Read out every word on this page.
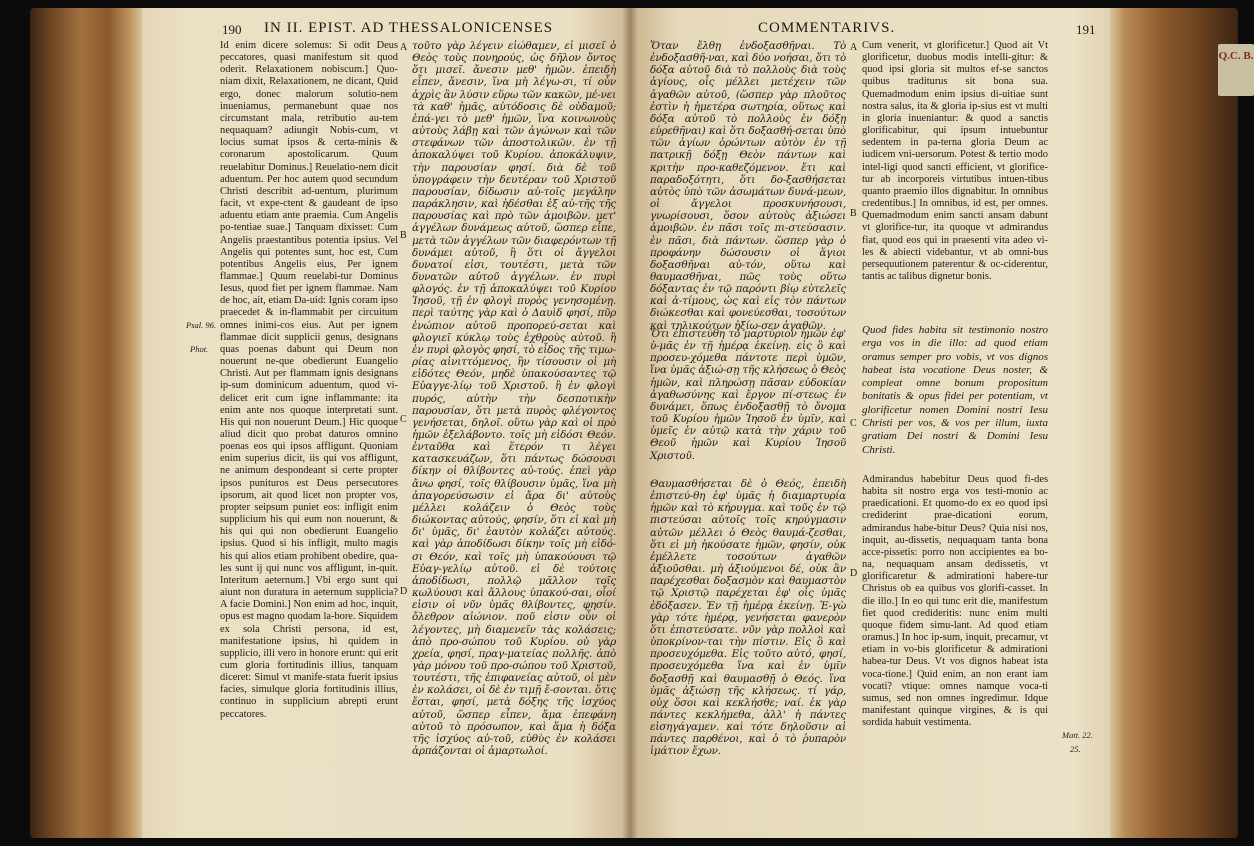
Q.C. B.
190 IN II. EPIST. AD THESSALONICENSES

Id enim dicere solemus: Si odit Deus peccatores, quasi manifestum sit quod oderit. Relaxationem nobiscum.] Quo-niam dixit, Relaxationem, ne dicant, Quid ergo, donec malorum solutio-nem inueniamus, permanebunt quae nos circumstant mala, retributio au-tem nequaquam? adiungit Nobis-cum, vt locius sumat ipsos & certa-minis & coronarum apostolicarum. Quum reuelabitur Dominus.] Reuelatio-nem dicit aduentum. Per hoc autem quod secundum Christi describit ad-uentum, plurimum facit, vt expe-ctent & gaudeant de ipso aduentu etiam ante praemia. Cum Angelis po-tentiae suae.] Tanquam dixisset: Cum Angelis praestantibus potentia ipsius. Vel Angelis qui potentes sunt, hoc est, Cum potentibus Angelis eius, Per ignem flammae.] Quum reuelabi-tur Dominus Iesus, quod fiet per ignem flammae. Nam de hoc, ait, etiam Da-uid: Ignis coram ipso praecedet & in-flammabit per circuitum omnes inimi-cos eius. Aut per ignem flammae dicit supplicii genus, designans quas poenas dabunt qui Deum non nouerunt ne-que obedierunt Euangelio Christi. Aut per flammam ignis designans ip-sum dominicum aduentum, quod vi-delicet erit cum igne inflammante: ita enim ante nos quoque interpretati sunt. His qui non nouerunt Deum.] Hic quoque aliud dicit quo probat daturos omnino poenas eos qui ipsos affligunt. Quoniam enim superius dicit, iis qui vos affligunt, ne animum despondeant si certe propter ipsos punituros est Deus persecutores ipsorum, ait quod licet non propter vos, propter seipsum puniet eos: infligit enim supplicium his qui eum non nouerunt, & his qui qui non obedierunt Euangelio ipsius. Quod si his infligit, multo magis his qui alios etiam prohibent obedire, qua-les sunt ij qui nunc vos affligunt, in-quit. Interitum aeternum.] Vbi ergo sunt qui aiunt non duratura in aeternum supplicia? A facie Domini.] Non enim ad hoc, inquit, opus est magno quodam la-bore. Siquidem ex sola Christi persona, id est, manifestatione ipsius, hi quidem in supplicio, illi vero in honore erunt: qui erit cum gloria fortitudinis illius, tanquam diceret: Simul vt manife-stata fuerit ipsius facies, simulque gloria fortitudinis illius, continuo in supplicium abrepti erunt peccatores.

A
B
C
D

τοῦτο γὰρ λέγειν εἰώθαμεν, εἰ μισεῖ ὁ Θεὸς τοὺς πονηρούς, ὡς δῆλον ὄντος ὅτι μισεῖ. ἄνεσιν μεθ' ἡμῶν. ἐπειδὴ εἶπεν, ἄνεσιν, ἵνα μὴ λέγω-σι, τί οὖν ἀχρὶς ἂν λύσιν εὕρω τῶν κακῶν, μέ-νει τὰ καθ' ἡμᾶς, αὐτόδοσις δὲ οὐδαμοῦ; ἐπά-γει τὸ μεθ' ἡμῶν, ἵνα κοινωνοὺς αὐτοὺς λάβῃ καὶ τῶν ἀγώνων καὶ τῶν στεφάνων τῶν ἀποστολικῶν. ἐν τῇ ἀποκαλύψει τοῦ Κυρίου. ἀποκάλυψιν, τὴν παρουσίαν φησί. διὰ δὲ τοῦ ὑπογράφειν τὴν δευτέραν τοῦ Χριστοῦ παρουσίαν, δίδωσιν αὐ-τοῖς μεγάλην παράκλησιν, καὶ ἡδέσθαι ἐξ αὐ-τῆς τῆς παρουσίας καὶ πρὸ τῶν ἀμοιβῶν. μετ' ἀγγέλων δυνάμεως αὐτοῦ, ὥσπερ εἶπε, μετὰ τῶν ἀγγέλων τῶν διαφερόντων τῇ δυνάμει αὐτοῦ, ἢ ὅτι οἱ ἄγγελοι δυνατοί εἰσι, τουτέστι, μετὰ τῶν δυνατῶν αὐτοῦ ἀγγέλων. ἐν πυρὶ φλογός. ἐν τῇ ἀποκαλύψει τοῦ Κυρίου Ἰησοῦ, τῇ ἐν φλογὶ πυρὸς γενησομένῃ. περὶ ταύτης γὰρ καὶ ὁ Δαυὶδ φησί, πῦρ ἐνώπιον αὐτοῦ προπορεύ-σεται καὶ φλογιεῖ κύκλῳ τοὺς ἐχθροὺς αὐτοῦ. ἢ ἐν πυρὶ φλογὸς φησί, τὸ εἶδος τῆς τιμω-ρίας αἰνιττόμενος, ἣν τίσουσιν οἱ μὴ εἰδότες Θεόν, μηδὲ ὑπακούσαντες τῷ Εὐαγγε-λίῳ τοῦ Χριστοῦ. ἢ ἐν φλογὶ πυρός, αὐτὴν τὴν δεσποτικὴν παρουσίαν, ὅτι μετὰ πυρὸς φλέγοντος γενήσεται, δηλοῖ. οὕτω γὰρ καὶ οἱ πρὸ ἡμῶν ἐξελάβοντο. τοῖς μὴ εἰδόσι Θεόν. ἐνταῦθα καὶ ἕτερόν τι λέγει κατασκευάζων, ὅτι πάντως δώσουσι δίκην οἱ θλίβοντες αὐ-τούς. ἐπεὶ γὰρ ἄνω φησί, τοῖς θλίβουσιν ὑμᾶς, ἵνα μὴ ἀπαγορεύσωσιν εἰ ἄρα δι' αὐτοὺς μέλλει κολάζειν ὁ Θεὸς τοὺς διώκοντας αὐτούς, φησίν, ὅτι εἰ καὶ μὴ δι' ὑμᾶς, δι' ἑαυτὸν κολάζει αὐτούς. καὶ γὰρ ἀποδίδωσι δίκην τοῖς μὴ εἰδό-σι Θεόν, καὶ τοῖς μὴ ὑπακούουσι τῷ Εὐαγ-γελίῳ αὐτοῦ. εἰ δὲ τούτοις ἀποδίδωσι, πολλῷ μᾶλλον τοῖς κωλύουσι καὶ ἄλλους ὑπακού-σαι, οἷοί εἰσιν οἱ νῦν ὑμᾶς θλίβοντες, φησίν. ὄλεθρον αἰώνιον. ποῦ εἰσιν οὖν οἱ λέγοντες, μὴ διαμενεῖν τὰς κολάσεις; ἀπὸ προ-σώπου τοῦ Κυρίου. οὐ γὰρ χρεία, φησί, πραγ-ματείας πολλῆς. ἀπὸ γὰρ μόνου τοῦ προ-σώπου τοῦ Χριστοῦ, τουτέστι, τῆς ἐπιφανείας αὐτοῦ, οἱ μὲν ἐν κολάσει, οἱ δὲ ἐν τιμῇ ἔ-σονται. ὅτις ἔσται, φησί, μετὰ δόξης τῆς ἰσχύος αὐτοῦ, ὥσπερ εἶπεν, ἅμα ἐπεφάνη αὐτοῦ τὸ πρόσωπον, καὶ ἅμα ἡ δόξα τῆς ἰσχύος αὐ-τοῦ, εὐθὺς ἐν κολάσει ἁρπάζονται οἱ ἁμαρτωλοί.

Psal. 96.
Phot.
COMMENTARIVS.	191

Ὅταν ἔλθῃ ἐνδοξασθῆναι. Τὸ ἐνδοξασθῆ-ναι, καὶ δύο νοήσαι, ὅτι τὸ δόξα αὐτοῦ διὰ τὸ πολλοὺς διὰ τοὺς ἁγίους, οἷς μέλλει μετέχειν τῶν ἀγαθῶν αὐτοῦ, (ὥσπερ γὰρ πλοῦτος ἐστὶν ἡ ἡμετέρα σωτηρία, οὕτως καὶ δόξα αὐτοῦ τὸ πολλοὺς ἐν δόξῃ εὑρεθῆναι) καὶ ὅτι δοξασθή-σεται ὑπὸ τῶν ἁγίων ὁρώντων αὐτὸν ἐν τῇ πατρικῇ δόξῃ Θεὸν πάντων καὶ κριτὴν προ-καθεζόμενον. ἔτι καὶ παραδοξότητι, ὅτι δο-ξασθήσεται αὐτὸς ὑπὸ τῶν ἀσωμάτων δυνά-μεων, οἱ ἄγγελοι προσκυνήσουσι, γνωρίσουσι, ὅσον αὐτοὺς ἀξιώσει ἀμοιβῶν. ἐν πᾶσι τοῖς πι-στεύσασιν. ἐν πᾶσι, διὰ πάντων. ὥσπερ γὰρ ὁ προφάνην δώσουσιν οἱ ἅγιοι δοξασθῆναι αὐ-τόν, οὕτω καὶ θαυμασθῆναι, πῶς τοὺς οὕτω δόξαντας ἐν τῷ παρόντι βίῳ εὐτελεῖς καὶ ἀ-τίμους, ὡς καὶ εἰς τὸν πάντων διώκεσθαι καὶ φονεύεσθαι, τοσούτων καὶ τηλικούτων ἠξίω-σεν ἀγαθῶν.

Ὅτι ἐπιστεύθη τὸ μαρτύριον ἡμῶν ἐφ' ὑ-μᾶς ἐν τῇ ἡμέρᾳ ἐκείνῃ. εἰς ὃ καὶ προσευ-χόμεθα πάντοτε περὶ ὑμῶν, ἵνα ὑμᾶς ἀξιώ-σῃ τῆς κλήσεως ὁ Θεὸς ἡμῶν, καὶ πληρώσῃ πᾶσαν εὐδοκίαν ἀγαθωσύνης καὶ ἔργον πί-στεως ἐν δυνάμει, ὅπως ἐνδοξασθῇ τὸ ὄνομα τοῦ Κυρίου ἡμῶν Ἰησοῦ ἐν ὑμῖν, καὶ ὑμεῖς ἐν αὐτῷ κατὰ τὴν χάριν τοῦ Θεοῦ ἡμῶν καὶ Κυρίου Ἰησοῦ Χριστοῦ.

Θαυμασθήσεται δὲ ὁ Θεός, ἐπειδὴ ἐπιστεύ-θη ἐφ' ὑμᾶς ἡ διαμαρτυρία ἡμῶν καὶ τὸ κήρυγμα. καὶ τοῦς ἐν τῷ πιστεύσαι αὐτοῖς τοῖς κηρύγμασιν αὐτῶν μέλλει ὁ Θεὸς θαυμά-ζεσθαι, ὅτι εἰ μὴ ἠκούσατε ἡμῶν, φησίν, οὐκ ἐμέλλετε τοσούτων ἀγαθῶν ἀξιοῦσθαι. μὴ ἀξιούμενοι δέ, οὐκ ἂν παρέχεσθαι δοξασμὸν καὶ θαυμαστὸν τῷ Χριστῷ παρέχεται ἐφ' οἷς ὑμᾶς ἐδόξασεν. Ἐν τῇ ἡμέρᾳ ἐκείνῃ. Ἐ-γὼ γὰρ τότε ἡμέρᾳ, γενήσεται φανερὸν ὅτι ἐπιστεύσατε. νῦν γὰρ πολλοὶ καὶ ὑποκρίνον-ται τὴν πίστιν. Εἰς ὃ καὶ προσευχόμεθα. Εἰς τοῦτο αὐτό, φησί, προσευχόμεθα ἵνα καὶ ἐν ὑμῖν δοξασθῇ καὶ θαυμασθῇ ὁ Θεός. ἵνα ὑμᾶς ἀξιώσῃ τῆς κλήσεως. τί γάρ, οὐχ ὅσοι καὶ κεκλήσθε; ναί. ἐκ γὰρ πάντες κεκλήμεθα, ἀλλ' ἡ πάντες εἰσηγάγαμεν. καὶ τότε δηλοῦσιν αἱ πάντες παρθένοι, καὶ ὁ τὸ ῥυπαρὸν ἱμάτιον ἔχων.

A
B
C
D

Cum venerit, vt glorificetur.] Quod ait Vt glorificetur, duobus modis intelli-gitur: & quod ipsi gloria sit multos ef-se sanctos quibus traditurus sit bona sua. Quemadmodum enim ipsius di-uitiae sunt nostra salus, ita & gloria ip-sius est vt multi in gloria inueniantur: & quod a sanctis glorificabitur, qui ipsum intuebuntur sedentem in pa-terna gloria Deum ac iudicem vni-uersorum. Potest & tertio modo intel-ligi quod sancti efficient, vt glorifice-tur ab incorporeis virtutibus intuen-tibus quanto praemio illos dignabitur. In omnibus credentibus.] In omnibus, id est, per omnes. Quemadmodum enim sancti ansam dabunt vt glorifice-tur, ita quoque vt admirandus fiat, quod eos qui in praesenti vita adeo vi-les & abiecti videbantur, vt ab omni-bus persequutionem paterentur & oc-ciderentur, tantis ac talibus dignetur bonis.

Quod fides habita sit testimonio nostro erga vos in die illo: ad quod etiam oramus semper pro vobis, vt vos dignos habeat ista vocatione Deus noster, & compleat omne bonum propositum bonitatis & opus fidei per potentiam, vt glorificetur nomen Domini nostri Iesu Christi per vos, & vos per illum, iuxta gratiam Dei nostri & Domini Iesu Christi.

Admirandus habebitur Deus quod fi-des habita sit nostro erga vos testi-monio ac praedicationi. Et quomo-do ex eo quod ipsi crediderint prae-dicationi eorum, admirandus habe-bitur Deus? Quia nisi nos, inquit, au-dissetis, nequaquam tanta bona acce-pissetis: porro non accipientes ea bo-na, nequaquam ansam dedissetis, vt glorificaretur & admirationi habere-tur Christus ob ea quibus vos glorifi-casset. In die illo.] In eo qui tunc erit die, manifestum fiet quod credideritis: nunc enim multi quoque fidem simu-lant. Ad quod etiam oramus.] In hoc ip-sum, inquit, precamur, vt etiam in vo-bis glorificetur & admirationi habea-tur Deus. Vt vos dignos habeat ista voca-tione.] Quid enim, an non erant iam vocati? vtique: omnes namque voca-ti sumus, sed non omnes ingredimur. Idque manifestant quinque virgines, & is qui sordida habuit vestimenta.

Matt. 22.
25.
